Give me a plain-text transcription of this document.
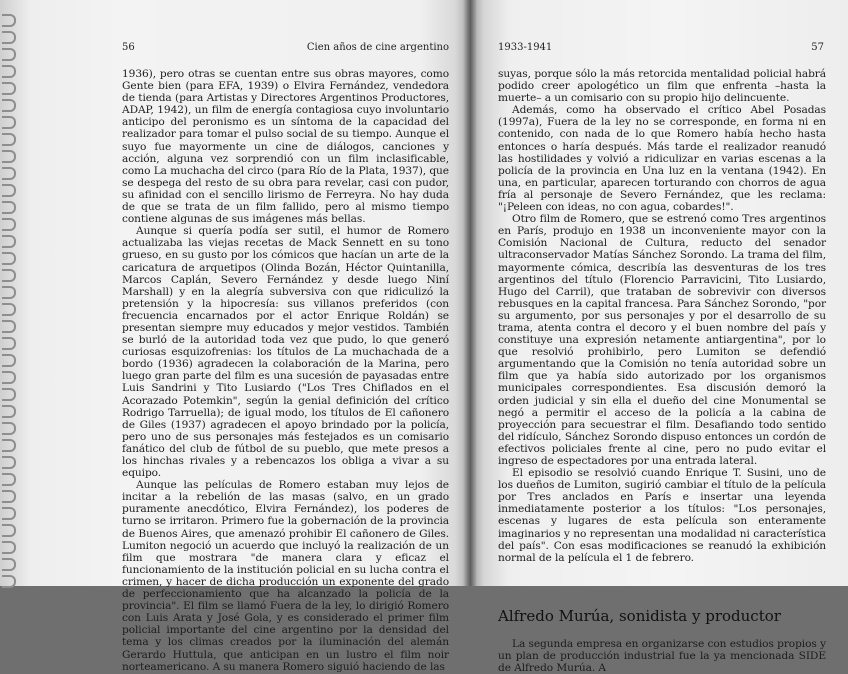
56	Cien años de cine argentino

1936), pero otras se cuentan entre sus obras mayores, como Gente bien (para EFA, 1939) o Elvira Fernández, vendedora de tienda (para Artistas y Directores Argentinos Productores, ADAP, 1942), un film de energía contagiosa cuyo involuntario anticipo del peronismo es un síntoma de la capacidad del realizador para tomar el pulso social de su tiempo. Aunque el suyo fue mayormente un cine de diálogos, canciones y acción, alguna vez sorprendió con un film inclasificable, como La muchacha del circo (para Río de la Plata, 1937), que se despega del resto de su obra para revelar, casi con pudor, su afinidad con el sencillo lirismo de Ferreyra. No hay duda de que se trata de un film fallido, pero al mismo tiempo contiene algunas de sus imágenes más bellas.

Aunque si quería podía ser sutil, el humor de Romero actualizaba las viejas recetas de Mack Sennett en su tono grueso, en su gusto por los cómicos que hacían un arte de la caricatura de arquetipos (Olinda Bozán, Héctor Quintanilla, Marcos Caplán, Severo Fernández y desde luego Niní Marshall) y en la alegría subversiva con que ridiculizó la pretensión y la hipocresía: sus villanos preferidos (con frecuencia encarnados por el actor Enrique Roldán) se presentan siempre muy educados y mejor vestidos. También se burló de la autoridad toda vez que pudo, lo que generó curiosas esquizofrenias: los títulos de La muchachada de a bordo (1936) agradecen la colaboración de la Marina, pero luego gran parte del film es una sucesión de payasadas entre Luis Sandrini y Tito Lusiardo ("Los Tres Chiflados en el Acorazado Potemkin", según la genial definición del crítico Rodrigo Tarruella); de igual modo, los títulos de El cañonero de Giles (1937) agradecen el apoyo brindado por la policía, pero uno de sus personajes más festejados es un comisario fanático del club de fútbol de su pueblo, que mete presos a los hinchas rivales y a rebencazos los obliga a vivar a su equipo.

Aunque las películas de Romero estaban muy lejos de incitar a la rebelión de las masas (salvo, en un grado puramente anecdótico, Elvira Fernández), los poderes de turno se irritaron. Primero fue la gobernación de la provincia de Buenos Aires, que amenazó prohibir El cañonero de Giles. Lumiton negoció un acuerdo que incluyó la realización de un film que mostrara "de manera clara y eficaz el funcionamiento de la institución policial en su lucha contra el crimen, y hacer de dicha producción un exponente del grado de perfeccionamiento que ha alcanzado la policía de la provincia". El film se llamó Fuera de la ley, lo dirigió Romero con Luis Arata y José Gola, y es considerado el primer film policial importante del cine argentino por la densidad del tema y los climas creados por la iluminación del alemán Gerardo Huttula, que anticipan en un lustro el film noir norteamericano. A su manera Romero siguió haciendo de las

1933-1941	57

suyas, porque sólo la más retorcida mentalidad policial habrá podido creer apologético un film que enfrenta –hasta la muerte– a un comisario con su propio hijo delincuente.

Además, como ha observado el crítico Abel Posadas (1997a), Fuera de la ley no se corresponde, en forma ni en contenido, con nada de lo que Romero había hecho hasta entonces o haría después. Más tarde el realizador reanudó las hostilidades y volvió a ridiculizar en varias escenas a la policía de la provincia en Una luz en la ventana (1942). En una, en particular, aparecen torturando con chorros de agua fría al personaje de Severo Fernández, que les reclama: "¡Peleen con ideas, no con agua, cobardes!".

Otro film de Romero, que se estrenó como Tres argentinos en París, produjo en 1938 un inconveniente mayor con la Comisión Nacional de Cultura, reducto del senador ultraconservador Matías Sánchez Sorondo. La trama del film, mayormente cómica, describía las desventuras de los tres argentinos del título (Florencio Parravicini, Tito Lusiardo, Hugo del Carril), que trataban de sobrevivir con diversos rebusques en la capital francesa. Para Sánchez Sorondo, "por su argumento, por sus personajes y por el desarrollo de su trama, atenta contra el decoro y el buen nombre del país y constituye una expresión netamente antiargentina", por lo que resolvió prohibirlo, pero Lumiton se defendió argumentando que la Comisión no tenía autoridad sobre un film que ya había sido autorizado por los organismos municipales correspondientes. Esa discusión demoró la orden judicial y sin ella el dueño del cine Monumental se negó a permitir el acceso de la policía a la cabina de proyección para secuestrar el film. Desafiando todo sentido del ridículo, Sánchez Sorondo dispuso entonces un cordón de efectivos policiales frente al cine, pero no pudo evitar el ingreso de espectadores por una entrada lateral.

El episodio se resolvió cuando Enrique T. Susini, uno de los dueños de Lumiton, sugirió cambiar el título de la película por Tres anclados en París e insertar una leyenda inmediatamente posterior a los títulos: "Los personajes, escenas y lugares de esta película son enteramente imaginarios y no representan una modalidad ni característica del país". Con esas modificaciones se reanudó la exhibición normal de la película el 1 de febrero.

Alfredo Murúa, sonidista y productor

La segunda empresa en organizarse con estudios propios y un plan de producción industrial fue la ya mencionada SIDE de Alfredo Murúa. A
